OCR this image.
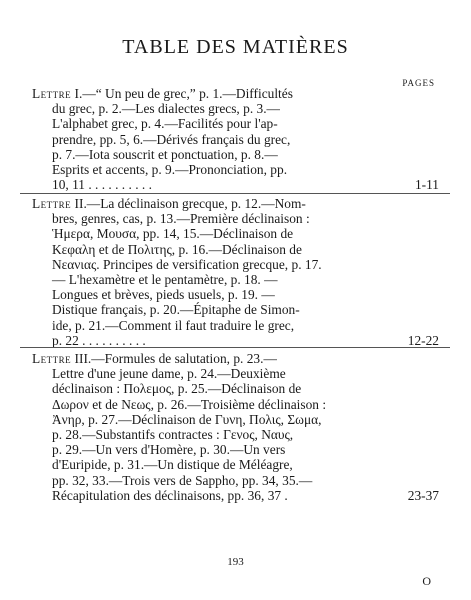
TABLE DES MATIÈRES
PAGES
Lettre I.—“ Un peu de grec,” p. 1.—Difficultés
du grec, p. 2.—Les dialectes grecs, p. 3.—
L'alphabet grec, p. 4.—Facilités pour l'ap-
prendre, pp. 5, 6.—Dérivés français du grec,
p. 7.—Iota souscrit et ponctuation, p. 8.—
Esprits et accents, p. 9.—Prononciation, pp.
10, 11 . . . . . . . . . .	1-11
Lettre II.—La déclinaison grecque, p. 12.—Nom-
bres, genres, cas, p. 13.—Première déclinaison :
Ἡμερα, Μουσα, pp. 14, 15.—Déclinaison de
Κεφαλη et de Πολιτης, p. 16.—Déclinaison de
Νεανιας. Principes de versification grecque, p. 17.
— L'hexamètre et le pentamètre, p. 18. —
Longues et brèves, pieds usuels, p. 19. —
Distique français, p. 20.—Épitaphe de Simon-
ide, p. 21.—Comment il faut traduire le grec,
p. 22 . . . . . . . . . .	12-22
Lettre III.—Formules de salutation, p. 23.—
Lettre d'une jeune dame, p. 24.—Deuxième
déclinaison : Πολεμος, p. 25.—Déclinaison de
Δωρον et de Νεως, p. 26.—Troisième déclinaison :
Ἀνηρ, p. 27.—Déclinaison de Γυνη, Πολις, Σωμα,
p. 28.—Substantifs contractes : Γενος, Ναυς,
p. 29.—Un vers d'Homère, p. 30.—Un vers
d'Euripide, p. 31.—Un distique de Méléagre,
pp. 32, 33.—Trois vers de Sappho, pp. 34, 35.—
Récapitulation des déclinaisons, pp. 36, 37 .	23-37
193
O
